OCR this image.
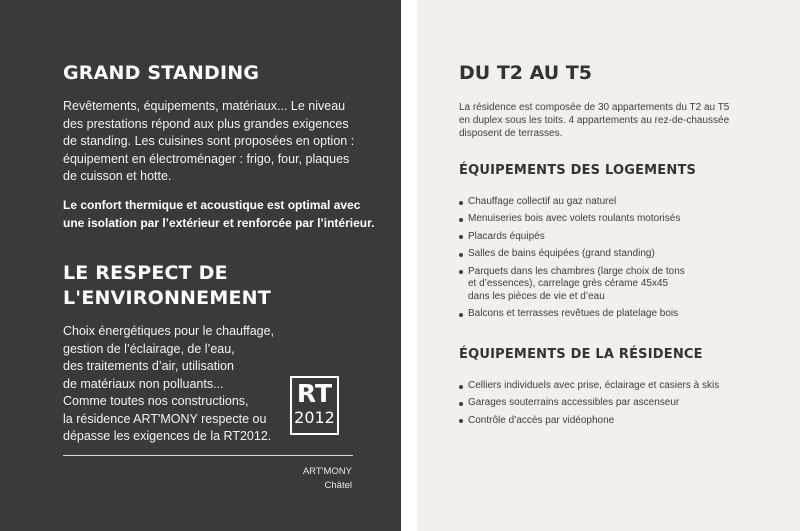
GRAND STANDING
Revêtements, équipements, matériaux... Le niveau
des prestations répond aux plus grandes exigences
de standing. Les cuisines sont proposées en option :
équipement en électroménager : frigo, four, plaques
de cuisson et hotte.
Le confort thermique et acoustique est optimal avec
une isolation par l’extérieur et renforcée par l’intérieur.
LE RESPECT DE
L'ENVIRONNEMENT
Choix énergétiques pour le chauffage,
gestion de l’éclairage, de l’eau,
des traitements d’air, utilisation
de matériaux non polluants...
Comme toutes nos constructions,
la résidence ART'MONY respecte ou
dépasse les exigences de la RT2012.
RT
2012
ART'MONY
Châtel
DU T2 AU T5
La résidence est composée de 30 appartements du T2 au T5
en duplex sous les toits. 4 appartements au rez-de-chaussée
disposent de terrasses.
ÉQUIPEMENTS DES LOGEMENTS
Chauffage collectif au gaz naturel
Menuiseries bois avec volets roulants motorisés
Placards équipés
Salles de bains équipées (grand standing)
Parquets dans les chambres (large choix de tons
et d’essences), carrelage grès cérame 45x45
dans les pièces de vie et d’eau
Balcons et terrasses revêtues de platelage bois
ÉQUIPEMENTS DE LA RÉSIDENCE
Celliers individuels avec prise, éclairage et casiers à skis
Garages souterrains accessibles par ascenseur
Contrôle d’accès par vidéophone
